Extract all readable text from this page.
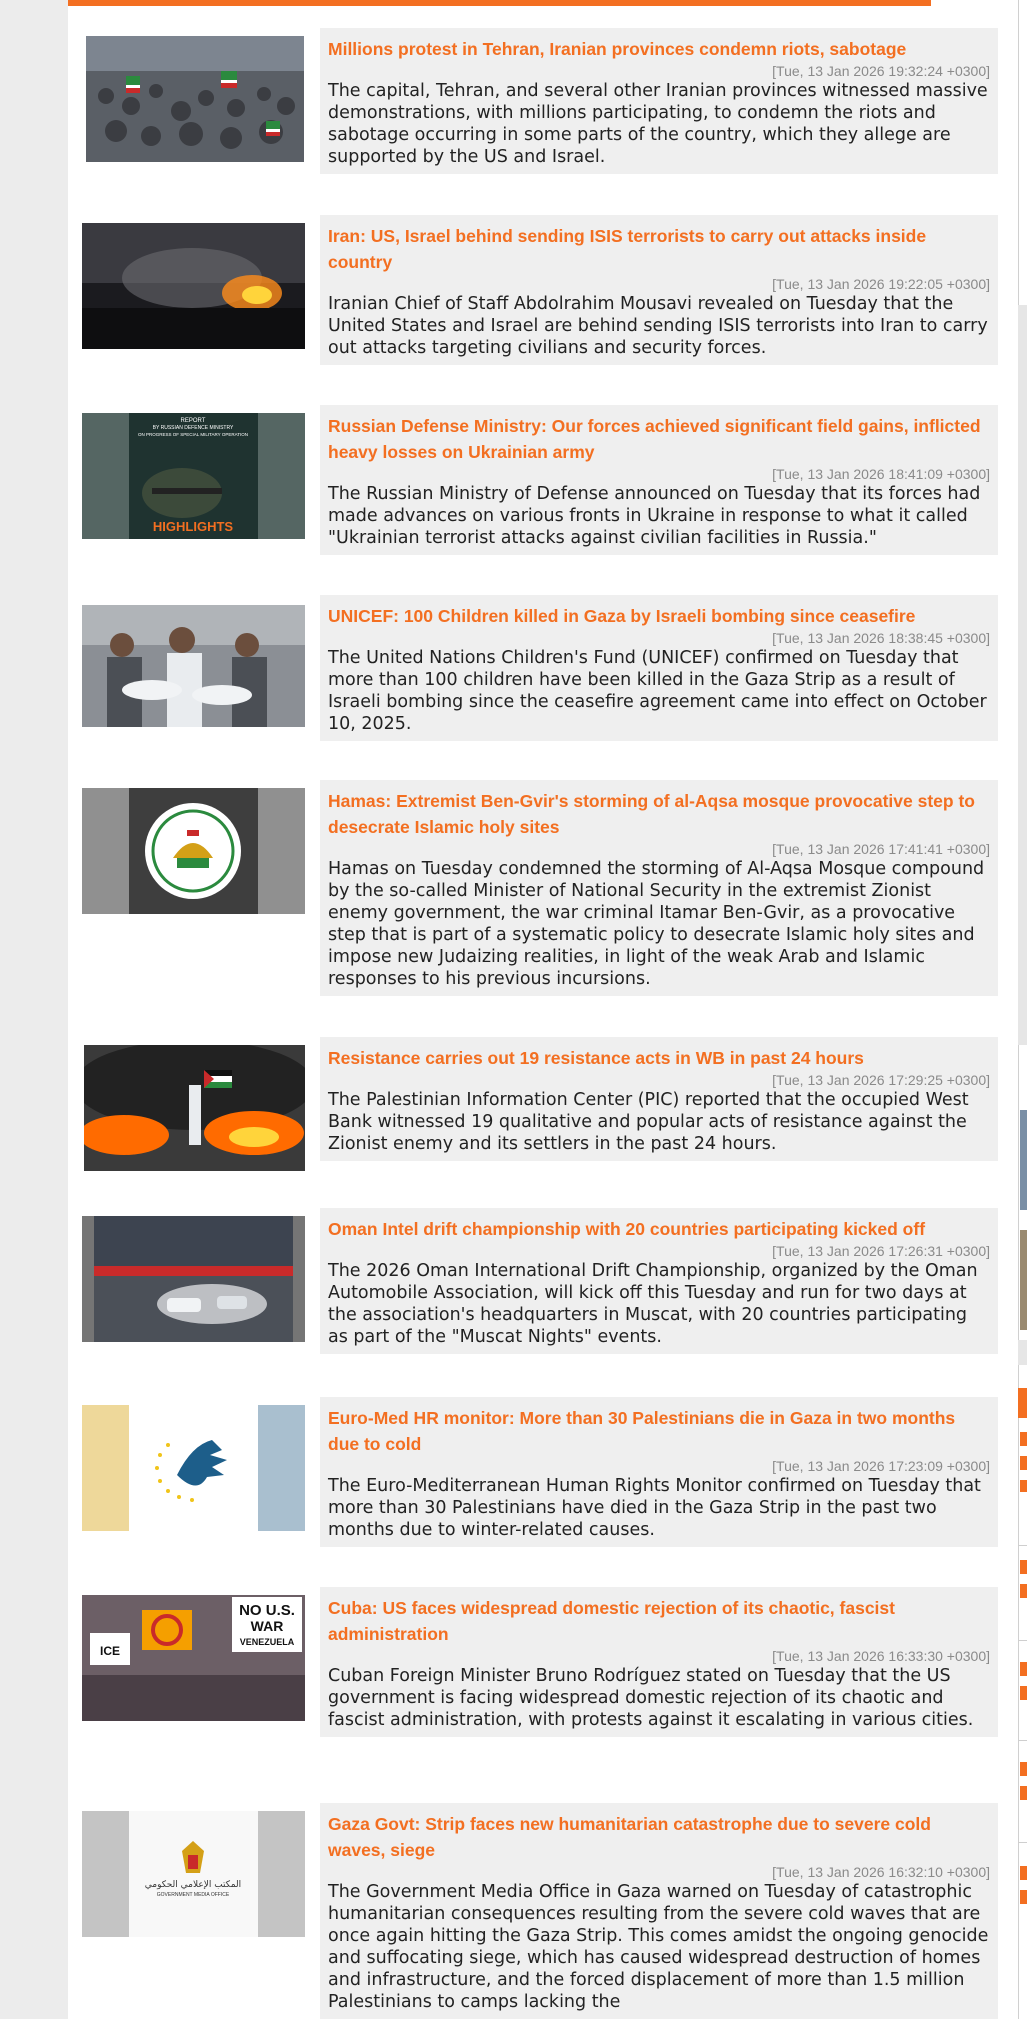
Millions protest in Tehran, Iranian provinces condemn riots, sabotage
[Tue, 13 Jan 2026 19:32:24 +0300]

The capital, Tehran, and several other Iranian provinces witnessed massive demonstrations, with millions participating, to condemn the riots and sabotage occurring in some parts of the country, which they allege are supported by the US and Israel.

Iran: US, Israel behind sending ISIS terrorists to carry out attacks inside country
[Tue, 13 Jan 2026 19:22:05 +0300]

Iranian Chief of Staff Abdolrahim Mousavi revealed on Tuesday that the United States and Israel are behind sending ISIS terrorists into Iran to carry out attacks targeting civilians and security forces.

REPORT
BY RUSSIAN DEFENCE MINISTRY
ON PROGRESS OF SPECIAL MILITARY OPERATION
HIGHLIGHTS
Russian Defense Ministry: Our forces achieved significant field gains, inflicted heavy losses on Ukrainian army
[Tue, 13 Jan 2026 18:41:09 +0300]

The Russian Ministry of Defense announced on Tuesday that its forces had made advances on various fronts in Ukraine in response to what it called "Ukrainian terrorist attacks against civilian facilities in Russia."

UNICEF: 100 Children killed in Gaza by Israeli bombing since ceasefire
[Tue, 13 Jan 2026 18:38:45 +0300]

The United Nations Children's Fund (UNICEF) confirmed on Tuesday that more than 100 children have been killed in the Gaza Strip as a result of Israeli bombing since the ceasefire agreement came into effect on October 10, 2025.

Hamas: Extremist Ben-Gvir's storming of al-Aqsa mosque provocative step to desecrate Islamic holy sites
[Tue, 13 Jan 2026 17:41:41 +0300]

Hamas on Tuesday condemned the storming of Al-Aqsa Mosque compound by the so-called Minister of National Security in the extremist Zionist enemy government, the war criminal Itamar Ben-Gvir, as a provocative step that is part of a systematic policy to desecrate Islamic holy sites and impose new Judaizing realities, in light of the weak Arab and Islamic responses to his previous incursions.

Resistance carries out 19 resistance acts in WB in past 24 hours
[Tue, 13 Jan 2026 17:29:25 +0300]

The Palestinian Information Center (PIC) reported that the occupied West Bank witnessed 19 qualitative and popular acts of resistance against the Zionist enemy and its settlers in the past 24 hours.

Oman Intel drift championship with 20 countries participating kicked off
[Tue, 13 Jan 2026 17:26:31 +0300]

The 2026 Oman International Drift Championship, organized by the Oman Automobile Association, will kick off this Tuesday and run for two days at the association's headquarters in Muscat, with 20 countries participating as part of the "Muscat Nights" events.

Euro-Med HR monitor: More than 30 Palestinians die in Gaza in two months due to cold
[Tue, 13 Jan 2026 17:23:09 +0300]

The Euro-Mediterranean Human Rights Monitor confirmed on Tuesday that more than 30 Palestinians have died in the Gaza Strip in the past two months due to winter-related causes.

NO U.S.
WAR
VENEZUELA
ICE
Cuba: US faces widespread domestic rejection of its chaotic, fascist administration
[Tue, 13 Jan 2026 16:33:30 +0300]

Cuban Foreign Minister Bruno Rodríguez stated on Tuesday that the US government is facing widespread domestic rejection of its chaotic and fascist administration, with protests against it escalating in various cities.

المكتب الإعلامي الحكومي
GOVERNMENT MEDIA OFFICE
Gaza Govt: Strip faces new humanitarian catastrophe due to severe cold waves, siege
[Tue, 13 Jan 2026 16:32:10 +0300]

The Government Media Office in Gaza warned on Tuesday of catastrophic humanitarian consequences resulting from the severe cold waves that are once again hitting the Gaza Strip. This comes amidst the ongoing genocide and suffocating siege, which has caused widespread destruction of homes and infrastructure, and the forced displacement of more than 1.5 million Palestinians to camps lacking the
